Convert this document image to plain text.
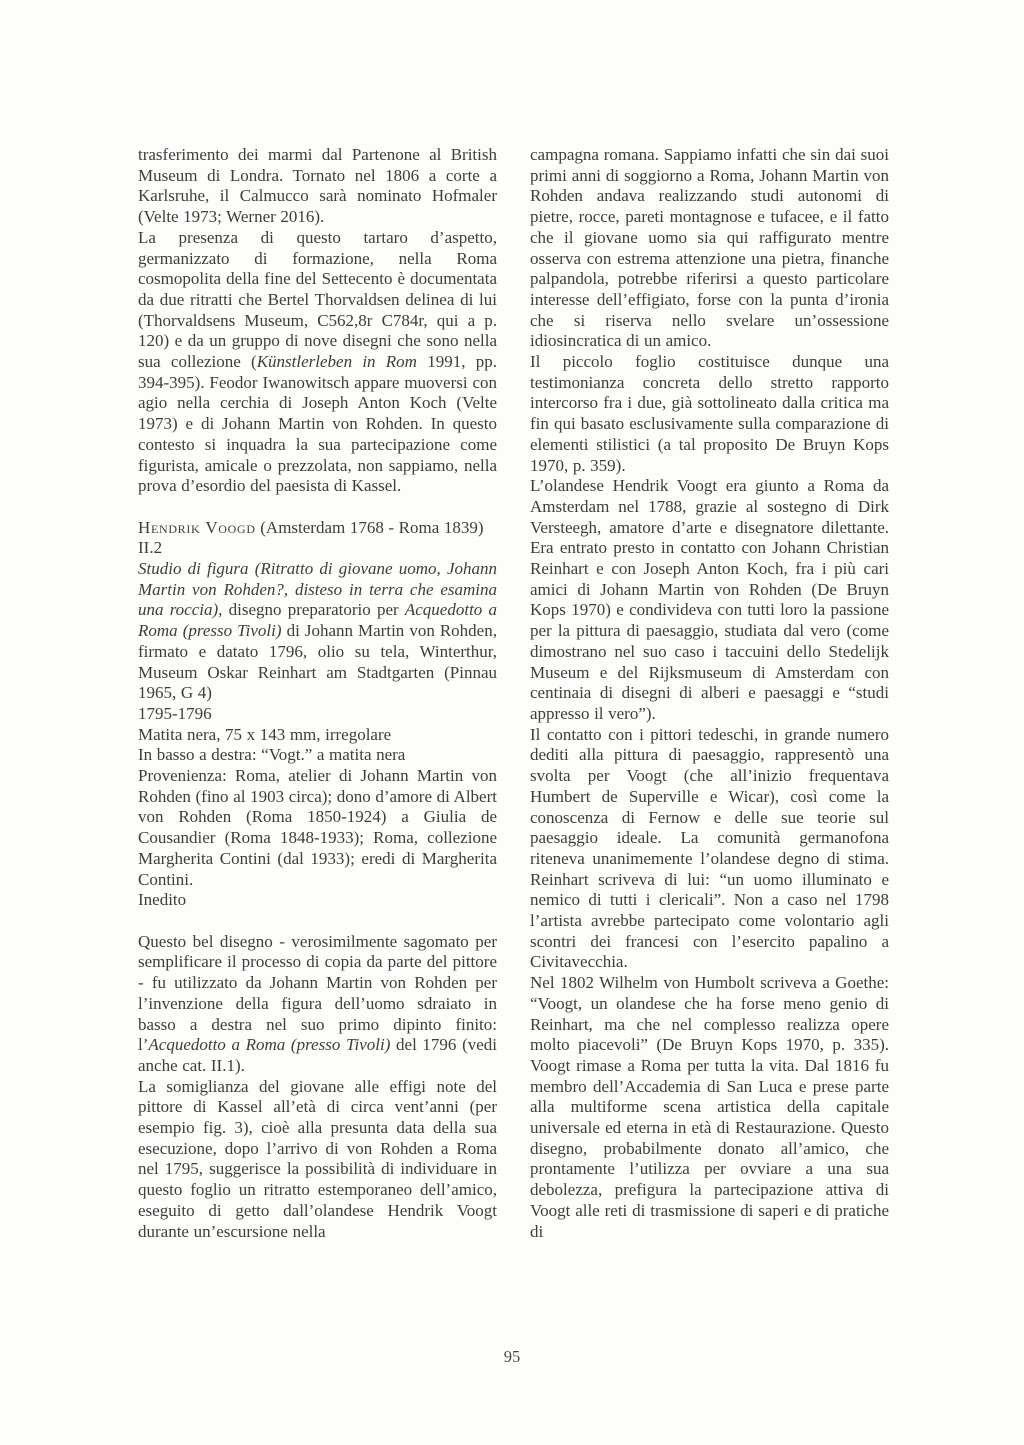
trasferimento dei marmi dal Partenone al British Museum di Londra. Tornato nel 1806 a corte a Karlsruhe, il Calmucco sarà nominato Hofmaler (Velte 1973; Werner 2016).

La presenza di questo tartaro d’aspetto, germanizzato di formazione, nella Roma cosmopolita della fine del Settecento è documentata da due ritratti che Bertel Thorvaldsen delinea di lui (Thorvaldsens Museum, C562,8r C784r, qui a p. 120) e da un gruppo di nove disegni che sono nella sua collezione (Künstlerleben in Rom 1991, pp. 394-395). Feodor Iwanowitsch appare muoversi con agio nella cerchia di Joseph Anton Koch (Velte 1973) e di Johann Martin von Rohden. In questo contesto si inquadra la sua partecipazione come figurista, amicale o prezzolata, non sappiamo, nella prova d’esordio del paesista di Kassel.

Hendrik Voogd (Amsterdam 1768 - Roma 1839)

II.2

Studio di figura (Ritratto di giovane uomo, Johann Martin von Rohden?, disteso in terra che esamina una roccia), disegno preparatorio per Acquedotto a Roma (presso Tivoli) di Johann Martin von Rohden, firmato e datato 1796, olio su tela, Winterthur, Museum Oskar Reinhart am Stadtgarten (Pinnau 1965, G 4)

1795-1796

Matita nera, 75 x 143 mm, irregolare

In basso a destra: “Vogt.” a matita nera

Provenienza: Roma, atelier di Johann Martin von Rohden (fino al 1903 circa); dono d’amore di Albert von Rohden (Roma 1850-1924) a Giulia de Cousandier (Roma 1848-1933); Roma, collezione Margherita Contini (dal 1933); eredi di Margherita Contini.

Inedito

Questo bel disegno - verosimilmente sagomato per semplificare il processo di copia da parte del pittore - fu utilizzato da Johann Martin von Rohden per l’invenzione della figura dell’uomo sdraiato in basso a destra nel suo primo dipinto finito: l’Acquedotto a Roma (presso Tivoli) del 1796 (vedi anche cat. II.1).

La somiglianza del giovane alle effigi note del pittore di Kassel all’età di circa vent’anni (per esempio fig. 3), cioè alla presunta data della sua esecuzione, dopo l’arrivo di von Rohden a Roma nel 1795, suggerisce la possibilità di individuare in questo foglio un ritratto estemporaneo dell’amico, eseguito di getto dall’olandese Hendrik Voogt durante un’escursione nella

campagna romana. Sappiamo infatti che sin dai suoi primi anni di soggiorno a Roma, Johann Martin von Rohden andava realizzando studi autonomi di pietre, rocce, pareti montagnose e tufacee, e il fatto che il giovane uomo sia qui raffigurato mentre osserva con estrema attenzione una pietra, finanche palpandola, potrebbe riferirsi a questo particolare interesse dell’effigiato, forse con la punta d’ironia che si riserva nello svelare un’ossessione idiosincratica di un amico.

Il piccolo foglio costituisce dunque una testimonianza concreta dello stretto rapporto intercorso fra i due, già sottolineato dalla critica ma fin qui basato esclusivamente sulla comparazione di elementi stilistici (a tal proposito De Bruyn Kops 1970, p. 359).

L’olandese Hendrik Voogt era giunto a Roma da Amsterdam nel 1788, grazie al sostegno di Dirk Versteegh, amatore d’arte e disegnatore dilettante. Era entrato presto in contatto con Johann Christian Reinhart e con Joseph Anton Koch, fra i più cari amici di Johann Martin von Rohden (De Bruyn Kops 1970) e condivideva con tutti loro la passione per la pittura di paesaggio, studiata dal vero (come dimostrano nel suo caso i taccuini dello Stedelijk Museum e del Rijksmuseum di Amsterdam con centinaia di disegni di alberi e paesaggi e “studi appresso il vero”).

Il contatto con i pittori tedeschi, in grande numero dediti alla pittura di paesaggio, rappresentò una svolta per Voogt (che all’inizio frequentava Humbert de Superville e Wicar), così come la conoscenza di Fernow e delle sue teorie sul paesaggio ideale. La comunità germanofona riteneva unanimemente l’olandese degno di stima. Reinhart scriveva di lui: “un uomo illuminato e nemico di tutti i clericali”. Non a caso nel 1798 l’artista avrebbe partecipato come volontario agli scontri dei francesi con l’esercito papalino a Civitavecchia.

Nel 1802 Wilhelm von Humbolt scriveva a Goethe: “Voogt, un olandese che ha forse meno genio di Reinhart, ma che nel complesso realizza opere molto piacevoli” (De Bruyn Kops 1970, p. 335). Voogt rimase a Roma per tutta la vita. Dal 1816 fu membro dell’Accademia di San Luca e prese parte alla multiforme scena artistica della capitale universale ed eterna in età di Restaurazione. Questo disegno, probabilmente donato all’amico, che prontamente l’utilizza per ovviare a una sua debolezza, prefigura la partecipazione attiva di Voogt alle reti di trasmissione di saperi e di pratiche di

95
